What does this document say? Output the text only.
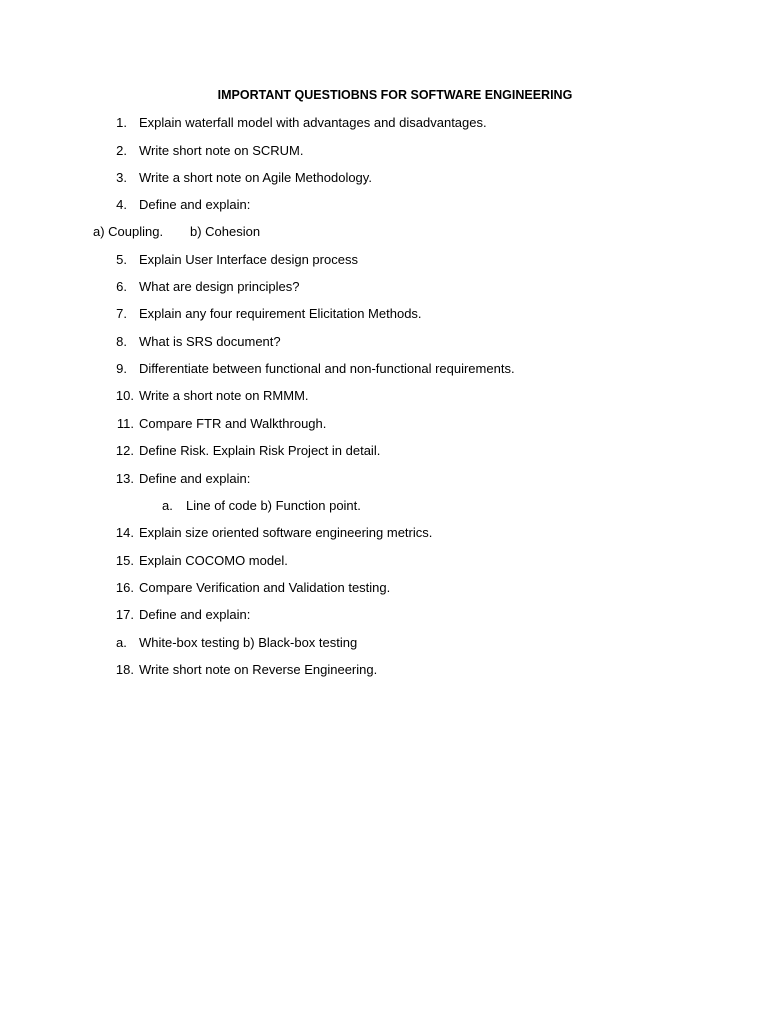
IMPORTANT QUESTIOBNS FOR SOFTWARE ENGINEERING
1. Explain waterfall model with advantages and disadvantages.
2. Write short note on SCRUM.
3. Write a short note on Agile Methodology.
4. Define and explain:
a) Coupling. b) Cohesion
5. Explain User Interface design process
6. What are design principles?
7. Explain any four requirement Elicitation Methods.
8. What is SRS document?
9. Differentiate between functional and non-functional requirements.
10. Write a short note on RMMM.
11. Compare FTR and Walkthrough.
12. Define Risk. Explain Risk Project in detail.
13. Define and explain:
a. Line of code b) Function point.
14. Explain size oriented software engineering metrics.
15. Explain COCOMO model.
16. Compare Verification and Validation testing.
17. Define and explain:
a. White-box testing b) Black-box testing
18. Write short note on Reverse Engineering.
